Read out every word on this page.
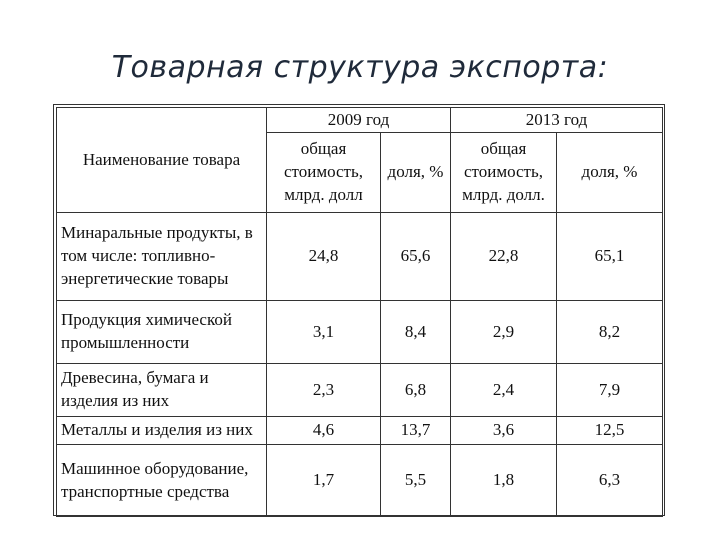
Товарная структура экспорта:
Наименование товара	2009 год		2013 год	
	общая стоимость, млрд. долл	доля, %	общая стоимость, млрд. долл.	доля, %
Минаральные продукты, в том числе: топливно-энергетические товары	24,8	65,6	22,8	65,1
Продукция химической промышленности	3,1	8,4	2,9	8,2
Древесина, бумага и изделия из них	2,3	6,8	2,4	7,9
Металлы и изделия из них	4,6	13,7	3,6	12,5
Машинное оборудование, транспортные средства	1,7	5,5	1,8	6,3
